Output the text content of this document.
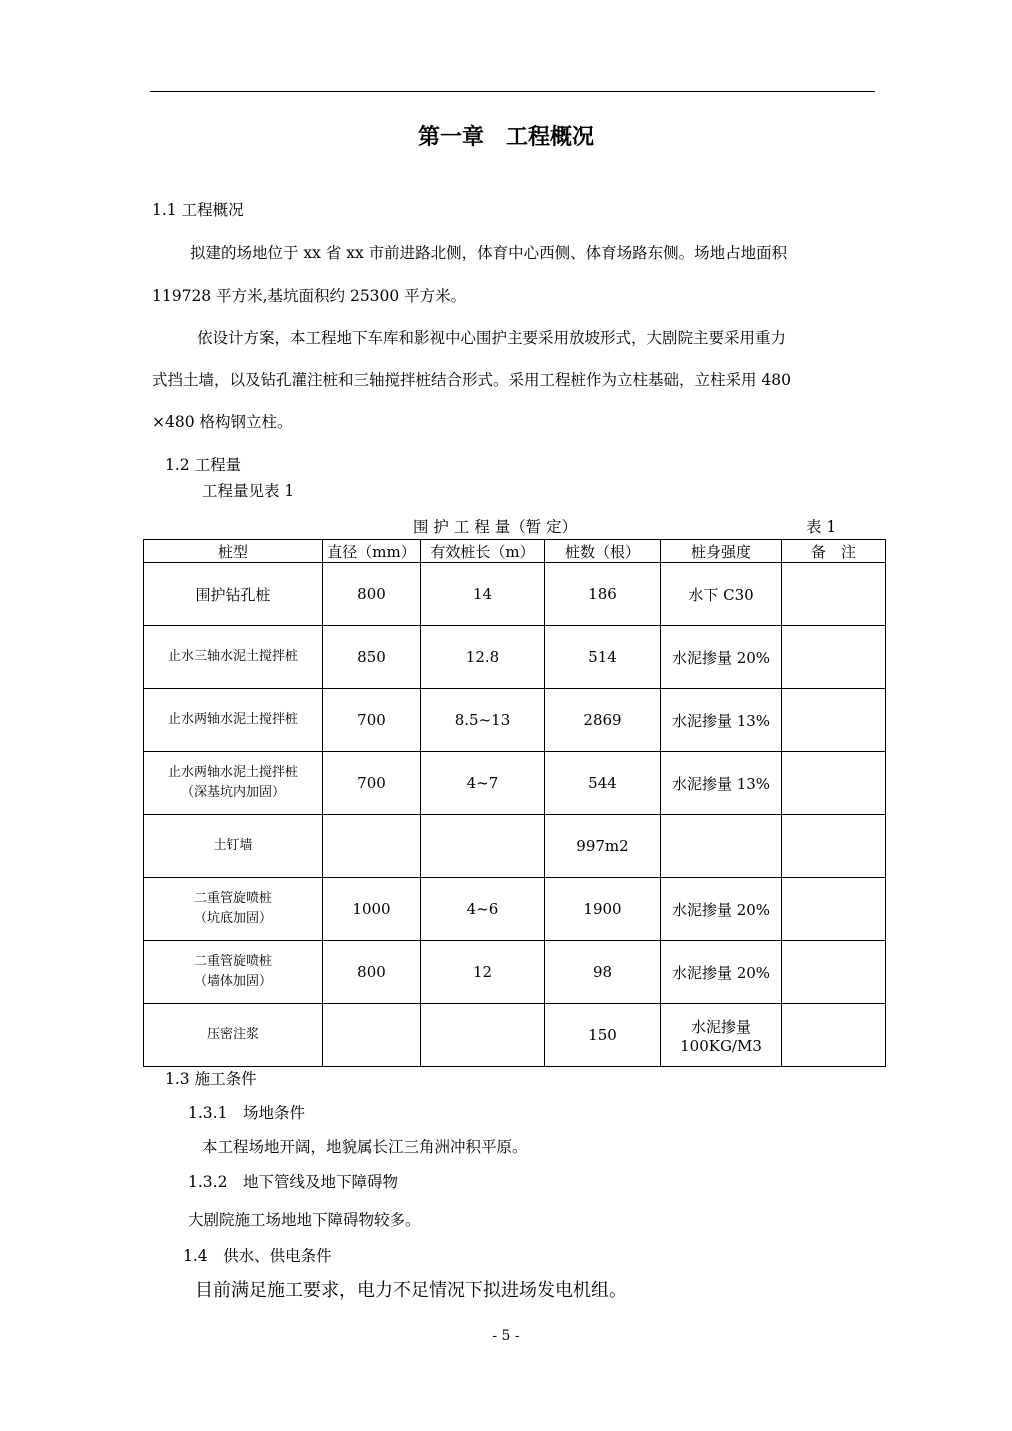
第一章　工程概况
1.1 工程概况
拟建的场地位于 xx 省 xx 市前进路北侧，体育中心西侧、体育场路东侧。场地占地面积
119728 平方米,基坑面积约 25300 平方米。
依设计方案，本工程地下车库和影视中心围护主要采用放坡形式，大剧院主要采用重力
式挡土墙，以及钻孔灌注桩和三轴搅拌桩结合形式。采用工程桩作为立柱基础，立柱采用 480
×480 格构钢立柱。
1.2 工程量
工程量见表 1
围 护 工 程 量（暂 定）	表 1
桩型	直径（mm）	有效桩长（m）	桩数（根）	桩身强度	备　注
围护钻孔桩	800	14	186	水下 C30	
止水三轴水泥土搅拌桩	850	12.8	514	水泥掺量 20%	
止水两轴水泥土搅拌桩	700	8.5~13	2869	水泥掺量 13%	

止水两轴水泥土搅拌桩
（深基坑内加固）	700	4~7	544	水泥掺量 13%	
土钉墙			997m2		

二重管旋喷桩
（坑底加固）	1000	4~6	1900	水泥掺量 20%	

二重管旋喷桩
（墙体加固）	800	12	98	水泥掺量 20%	
压密注浆			150	水泥掺量
100KG/M3	

1.3 施工条件
1.3.1　场地条件
本工程场地开阔，地貌属长江三角洲冲积平原。
1.3.2　地下管线及地下障碍物
大剧院施工场地地下障碍物较多。
1.4　供水、供电条件
目前满足施工要求，电力不足情况下拟进场发电机组。
- 5 -
